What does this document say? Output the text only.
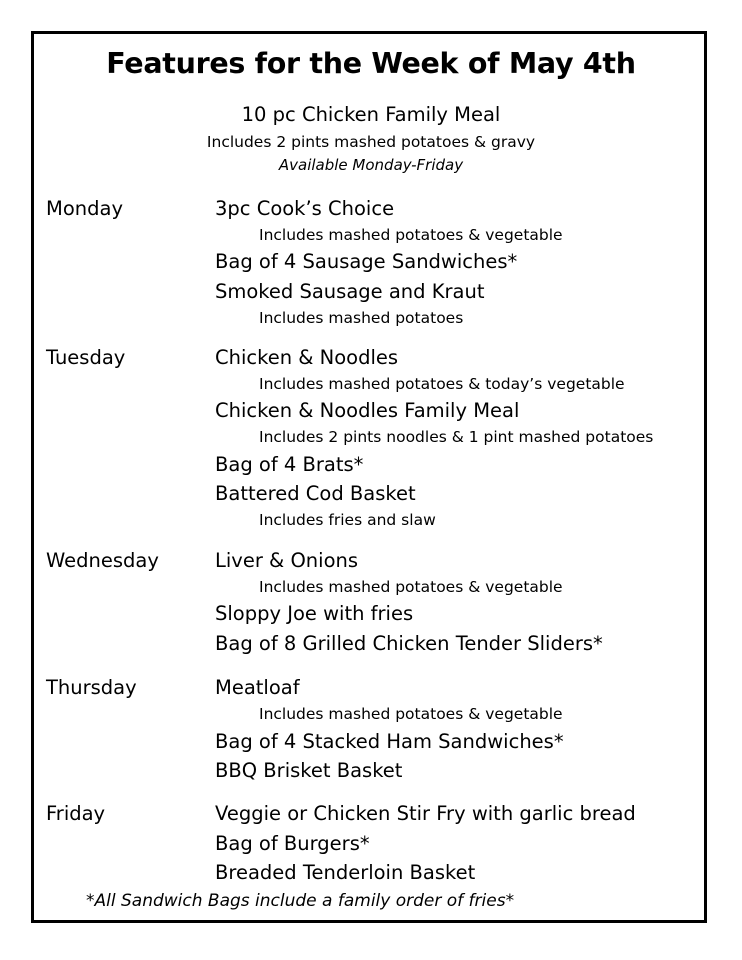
Features for the Week of May 4th
10 pc Chicken Family Meal
Includes 2 pints mashed potatoes & gravy
Available Monday-Friday
Monday	3pc Cook’s Choice
Includes mashed potatoes & vegetable
Bag of 4 Sausage Sandwiches*
Smoked Sausage and Kraut
Includes mashed potatoes
Tuesday	Chicken & Noodles
Includes mashed potatoes & today’s vegetable
Chicken & Noodles Family Meal
Includes 2 pints noodles & 1 pint mashed potatoes
Bag of 4 Brats*
Battered Cod Basket
Includes fries and slaw
Wednesday	Liver & Onions
Includes mashed potatoes & vegetable
Sloppy Joe with fries
Bag of 8 Grilled Chicken Tender Sliders*
Thursday	Meatloaf
Includes mashed potatoes & vegetable
Bag of 4 Stacked Ham Sandwiches*
BBQ Brisket Basket
Friday	Veggie or Chicken Stir Fry with garlic bread
Bag of Burgers*
Breaded Tenderloin Basket
*All Sandwich Bags include a family order of fries*
